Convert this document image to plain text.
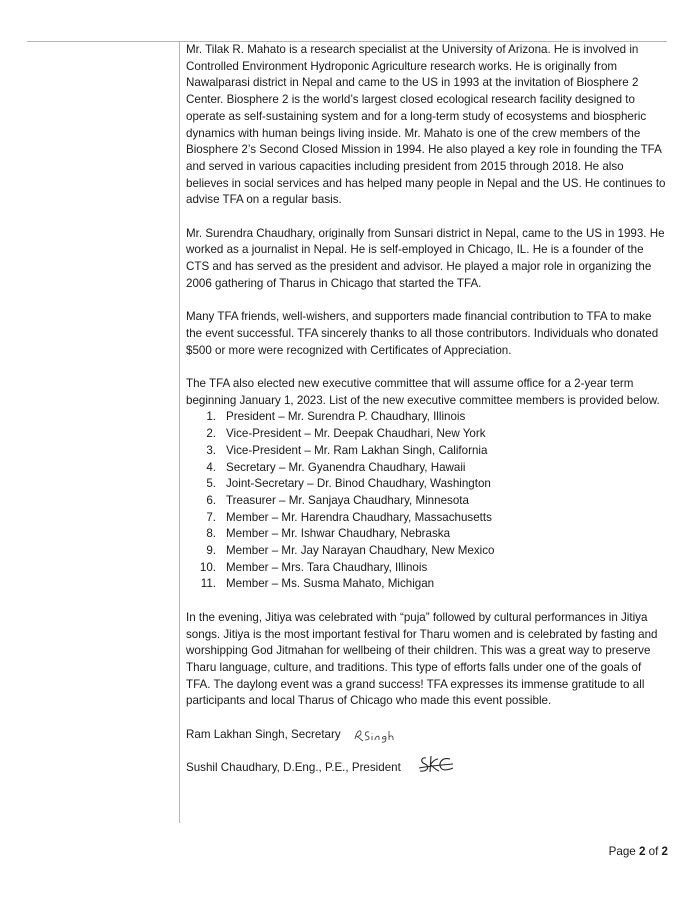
Mr. Tilak R. Mahato is a research specialist at the University of Arizona. He is involved in Controlled Environment Hydroponic Agriculture research works. He is originally from Nawalparasi district in Nepal and came to the US in 1993 at the invitation of Biosphere 2 Center. Biosphere 2 is the world’s largest closed ecological research facility designed to operate as self-sustaining system and for a long-term study of ecosystems and biospheric dynamics with human beings living inside. Mr. Mahato is one of the crew members of the Biosphere 2’s Second Closed Mission in 1994. He also played a key role in founding the TFA and served in various capacities including president from 2015 through 2018. He also believes in social services and has helped many people in Nepal and the US. He continues to advise TFA on a regular basis.

Mr. Surendra Chaudhary, originally from Sunsari district in Nepal, came to the US in 1993. He worked as a journalist in Nepal. He is self-employed in Chicago, IL. He is a founder of the CTS and has served as the president and advisor. He played a major role in organizing the 2006 gathering of Tharus in Chicago that started the TFA.

Many TFA friends, well-wishers, and supporters made financial contribution to TFA to make the event successful. TFA sincerely thanks to all those contributors. Individuals who donated $500 or more were recognized with Certificates of Appreciation.

The TFA also elected new executive committee that will assume office for a 2-year term beginning January 1, 2023. List of the new executive committee members is provided below.

1. President – Mr. Surendra P. Chaudhary, Illinois
2. Vice-President – Mr. Deepak Chaudhari, New York
3. Vice-President – Mr. Ram Lakhan Singh, California
4. Secretary – Mr. Gyanendra Chaudhary, Hawaii
5. Joint-Secretary – Dr. Binod Chaudhary, Washington
6. Treasurer – Mr. Sanjaya Chaudhary, Minnesota
7. Member – Mr. Harendra Chaudhary, Massachusetts
8. Member – Mr. Ishwar Chaudhary, Nebraska
9. Member – Mr. Jay Narayan Chaudhary, New Mexico
10. Member – Mrs. Tara Chaudhary, Illinois
11. Member – Ms. Susma Mahato, Michigan

In the evening, Jitiya was celebrated with “puja” followed by cultural performances in Jitiya songs. Jitiya is the most important festival for Tharu women and is celebrated by fasting and worshipping God Jitmahan for wellbeing of their children. This was a great way to preserve Tharu language, culture, and traditions. This type of efforts falls under one of the goals of TFA. The daylong event was a grand success! TFA expresses its immense gratitude to all participants and local Tharus of Chicago who made this event possible.

Ram Lakhan Singh, Secretary
Sushil Chaudhary, D.Eng., P.E., President
Page 2 of 2
